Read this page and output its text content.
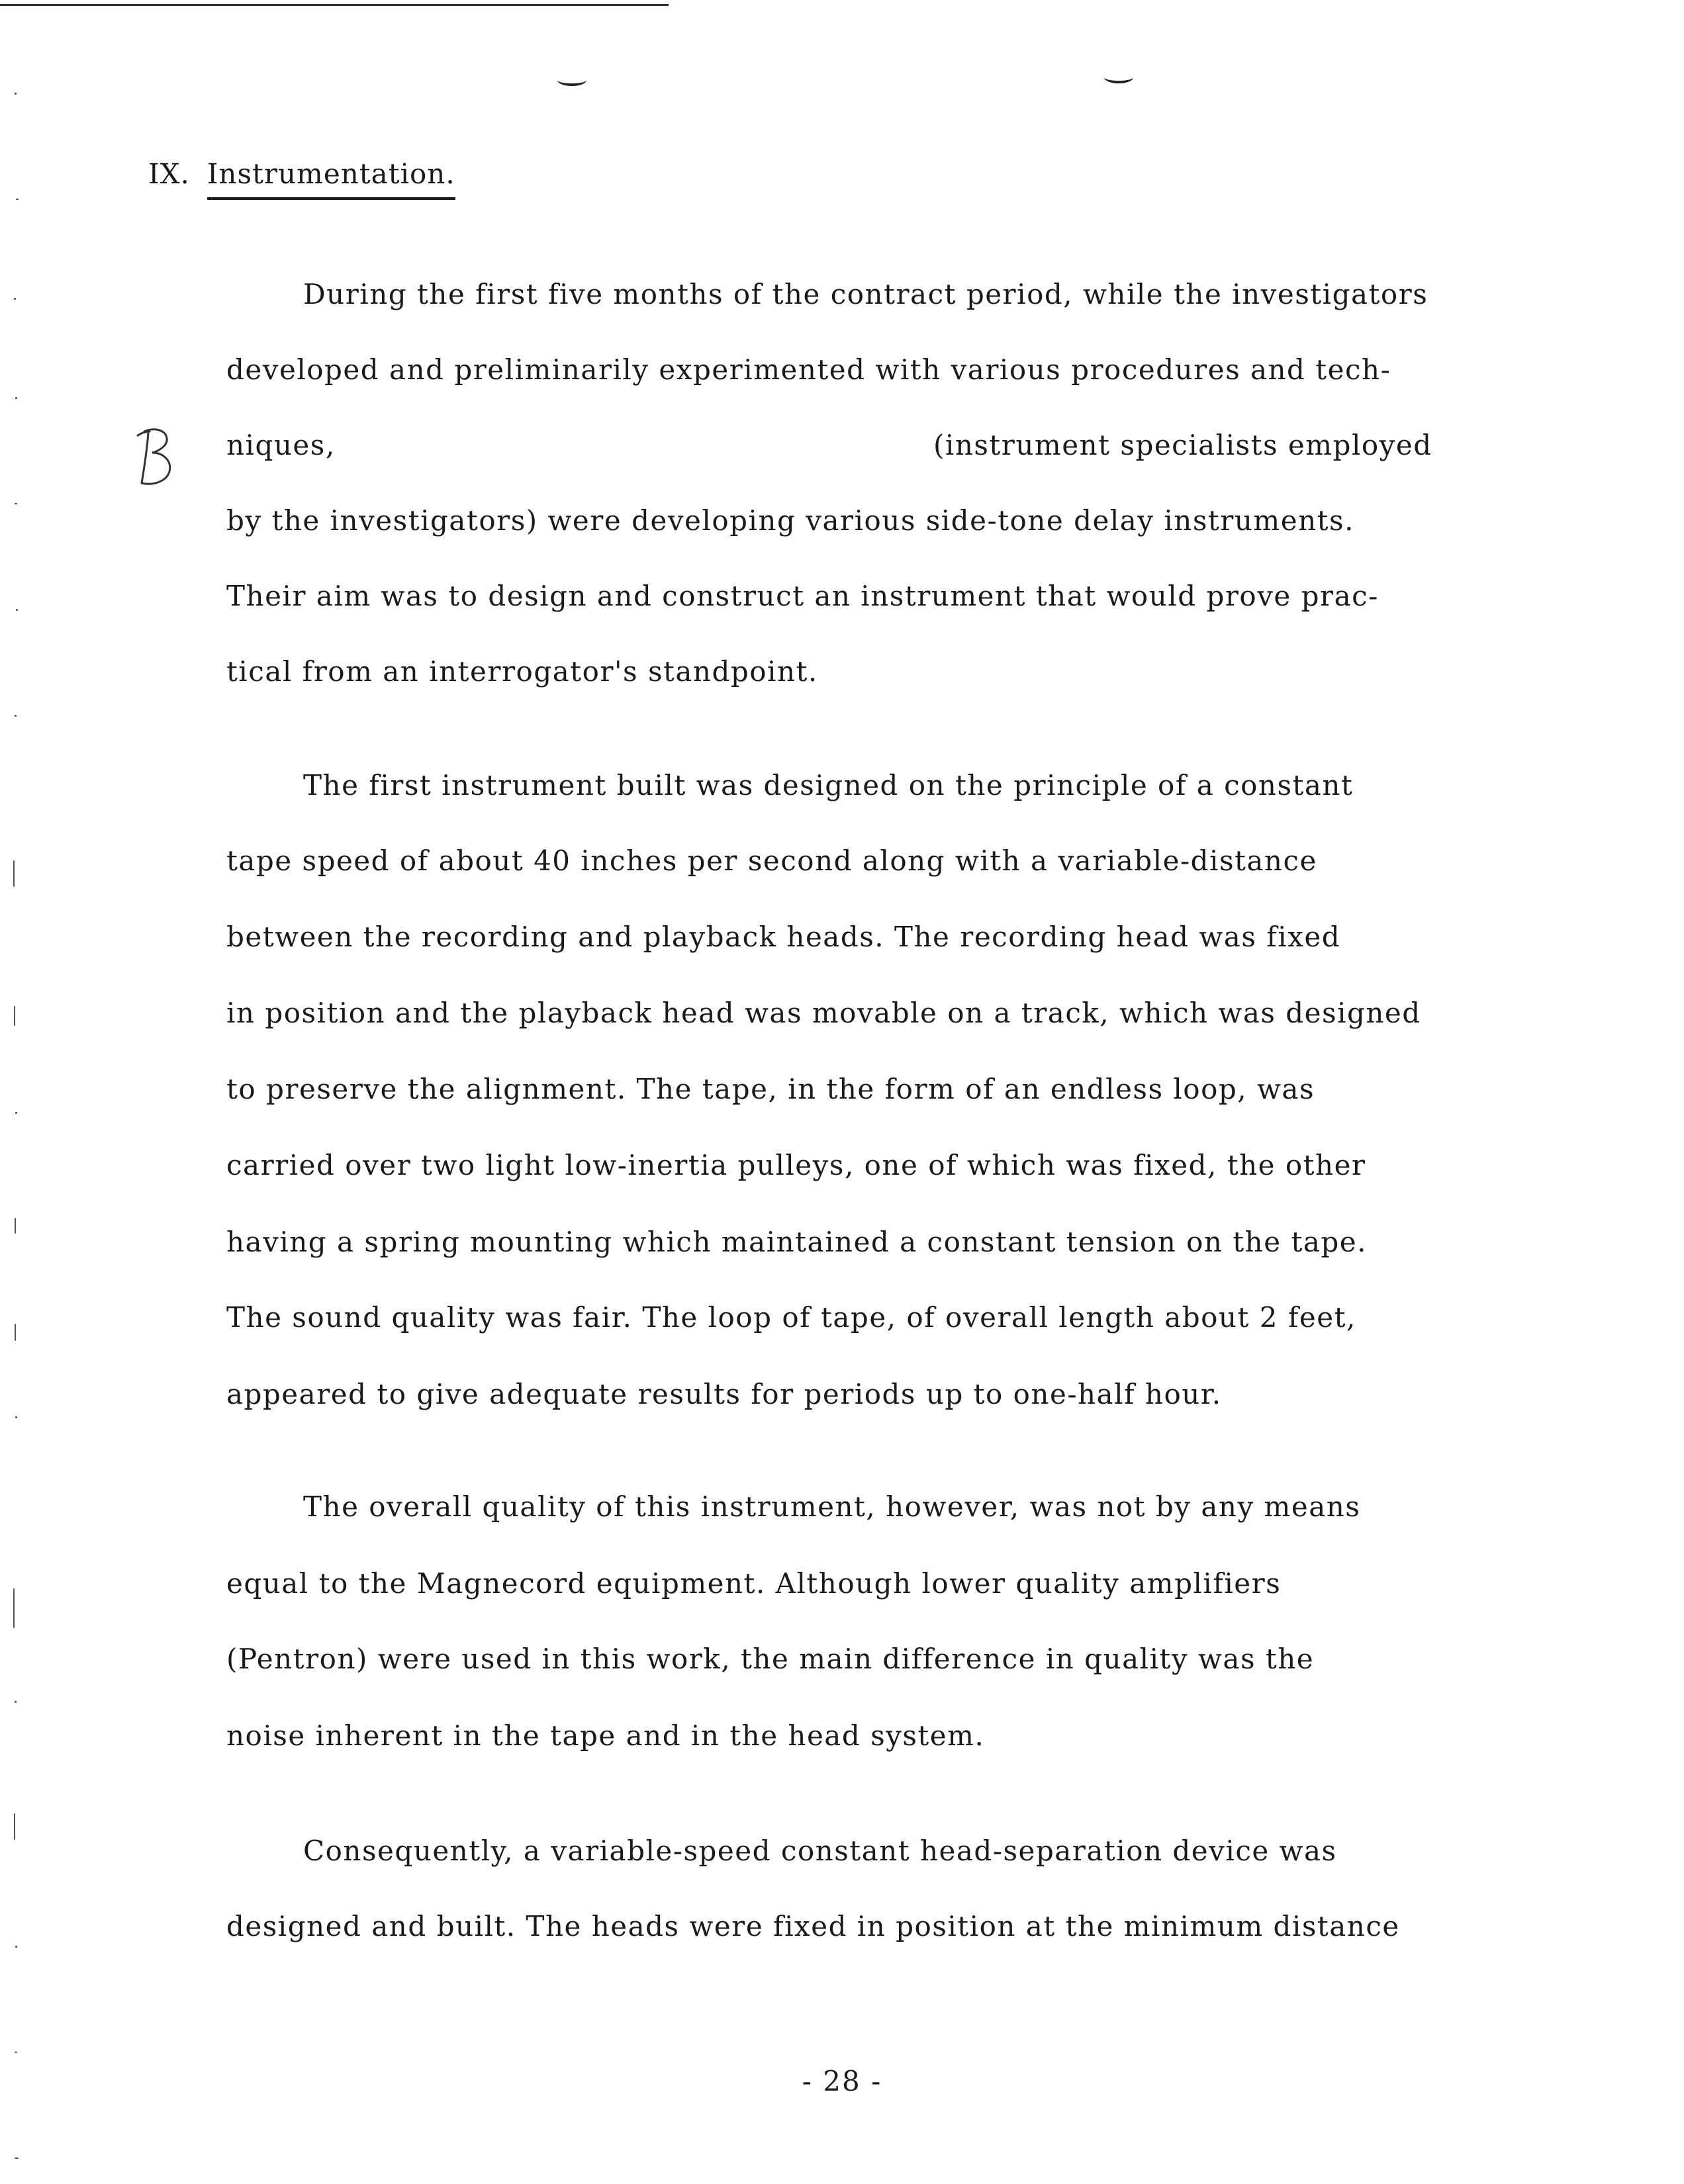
IX. Instrumentation.
During the first five months of the contract period, while the investigators
developed and preliminarily experimented with various procedures and tech-
niques,	(instrument specialists employed
by the investigators) were developing various side-tone delay instruments.
Their aim was to design and construct an instrument that would prove prac-
tical from an interrogator's standpoint.
The first instrument built was designed on the principle of a constant
tape speed of about 40 inches per second along with a variable-distance
between the recording and playback heads. The recording head was fixed
in position and the playback head was movable on a track, which was designed
to preserve the alignment. The tape, in the form of an endless loop, was
carried over two light low-inertia pulleys, one of which was fixed, the other
having a spring mounting which maintained a constant tension on the tape.
The sound quality was fair. The loop of tape, of overall length about 2 feet,
appeared to give adequate results for periods up to one-half hour.
The overall quality of this instrument, however, was not by any means
equal to the Magnecord equipment. Although lower quality amplifiers
(Pentron) were used in this work, the main difference in quality was the
noise inherent in the tape and in the head system.
Consequently, a variable-speed constant head-separation device was
designed and built. The heads were fixed in position at the minimum distance
- 28 -
